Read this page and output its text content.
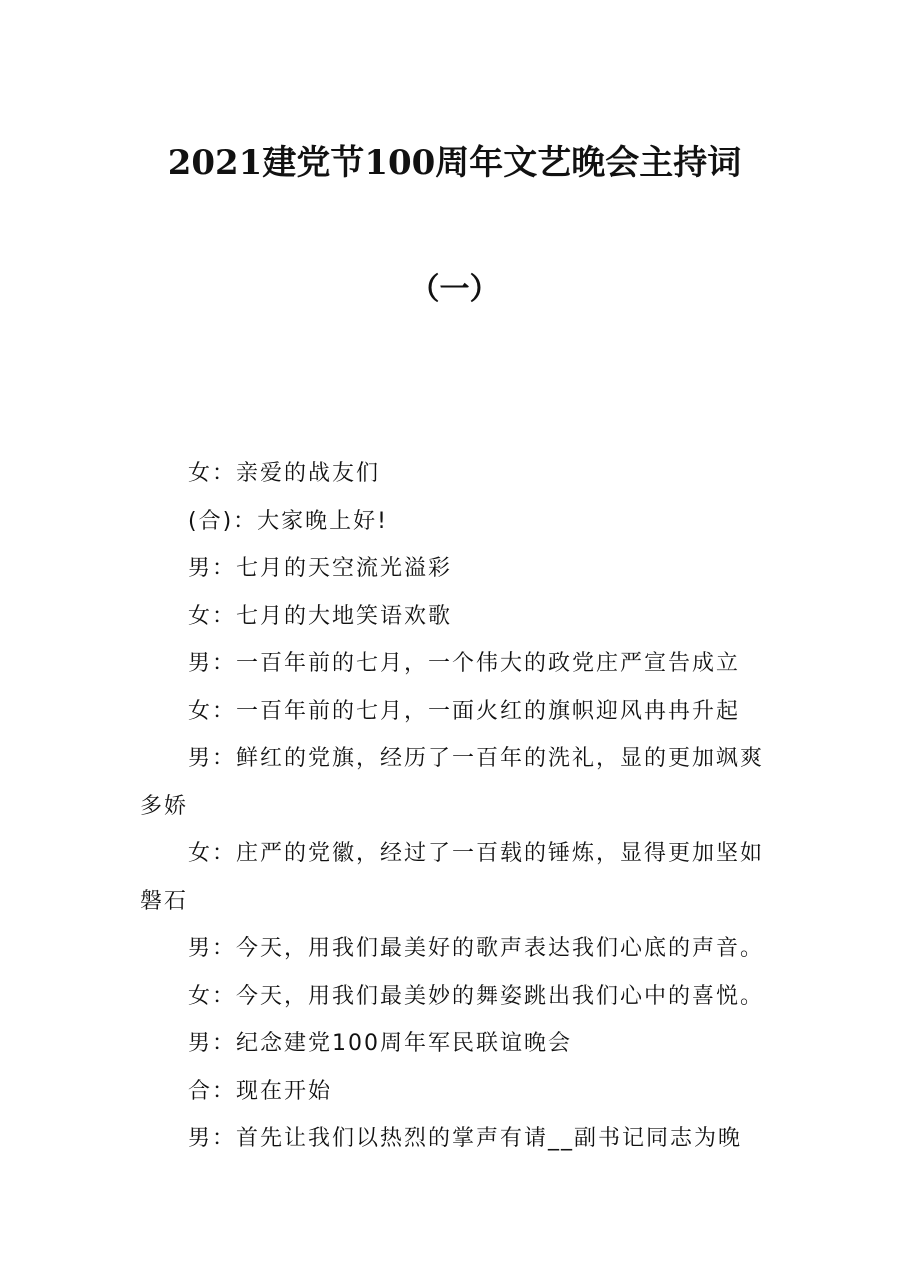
2021建党节100周年文艺晚会主持词
（一）

女：亲爱的战友们

(合)：大家晚上好!

男：七月的天空流光溢彩

女：七月的大地笑语欢歌

男：一百年前的七月，一个伟大的政党庄严宣告成立

女：一百年前的七月，一面火红的旗帜迎风冉冉升起

男：鲜红的党旗，经历了一百年的洗礼，显的更加飒爽多娇

女：庄严的党徽，经过了一百载的锤炼，显得更加坚如磐石

男：今天，用我们最美好的歌声表达我们心底的声音。

女：今天，用我们最美妙的舞姿跳出我们心中的喜悦。

男：纪念建党100周年军民联谊晚会

合：现在开始

男：首先让我们以热烈的掌声有请__副书记同志为晚
